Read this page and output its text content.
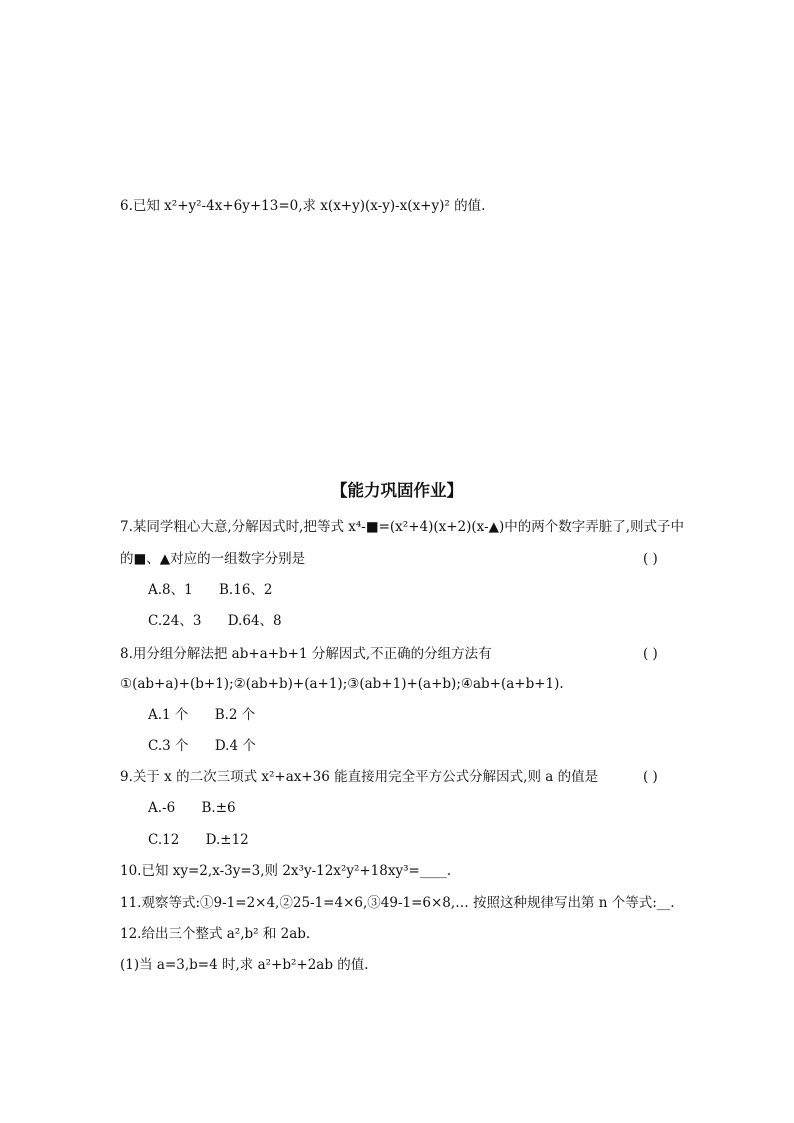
6.已知 x²+y²-4x+6y+13=0,求 x(x+y)(x-y)-x(x+y)² 的值.
【能力巩固作业】
7.某同学粗心大意,分解因式时,把等式 x⁴-■=(x²+4)(x+2)(x-▲)中的两个数字弄脏了,则式子中
的■、▲对应的一组数字分别是	( )
A.8、1 B.16、2
C.24、3 D.64、8
8.用分组分解法把 ab+a+b+1 分解因式,不正确的分组方法有	( )
①(ab+a)+(b+1);②(ab+b)+(a+1);③(ab+1)+(a+b);④ab+(a+b+1).
A.1 个 B.2 个
C.3 个 D.4 个
9.关于 x 的二次三项式 x²+ax+36 能直接用完全平方公式分解因式,则 a 的值是	( )
A.-6 B.±6
C.12 D.±12
10.已知 xy=2,x-3y=3,则 2x³y-12x²y²+18xy³=____.
11.观察等式:①9-1=2×4,②25-1=4×6,③49-1=6×8,… 按照这种规律写出第 n 个等式:__.
12.给出三个整式 a²,b² 和 2ab.
(1)当 a=3,b=4 时,求 a²+b²+2ab 的值.
